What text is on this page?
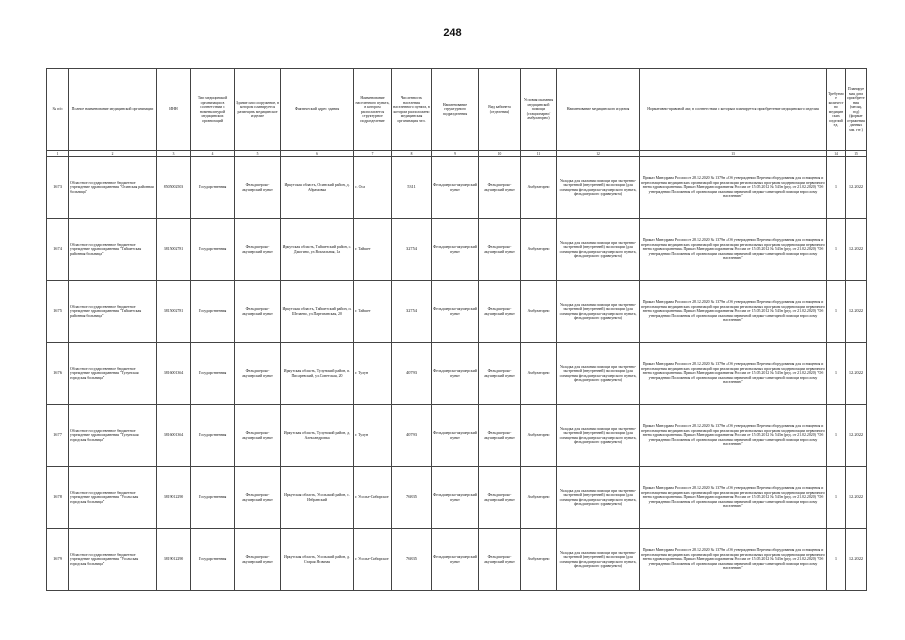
248
№ п/п	Полное наименование медицинской организации	ИНН	Тип медицинской организации в соответствии с номенклатурой медицинских организаций	Здание или сооружение, в котором планируется размещать медицинское изделие	Фактический адрес здания	Наименование населенного пункта, в котором располагается структурное подразделение	Численность населения населенного пункта, в котором расположено медицинская организация чел.	Наименование структурного подразделения	Вид кабинета (отделения)	Условия оказания медицинской помощи (стационарно/ амбулаторно)	Наименование медицинского изделия	Нормативно-правовой акт, в соответствии с которым планируется приобретение медицинского изделия	Требуемое количество медицинских изделий ед.	Планируемая дата приобретения (месяц, год) (формат отражения данных мм. ггг.)
1	2	3	4	5	6	7	8	9	10	11	12	13	14	15
1673	Областное государственное бюджетное учреждение здравоохранения "Осинская районная больница"	8505002503	Государственная	Фельдшерско-акушерский пункт	Иркутская область, Осинский район, д. Абрамовка	с. Оса	5311	Фельдшерско-акушерский пункт	Фельдшерско-акушерский пункт	Амбулаторно	Укладка для оказания помощи при экстренно-экстренной (внутренней) экспозиции (для оснащения фельдшерско-акушерского пункта, фельдшерского здравпункта)	Приказ Минздрава России от 28.12.2020 № 1379н «Об утверждении Перечня оборудования для оснащения и переоснащения медицинских организаций при реализации региональных программ модернизации первичного звена здравоохранения» Приказ Минздравсоцразвития России от 15.05.2012 № 543н (ред. от 21.02.2020) "Об утверждении Положения об организации оказания первичной медико-санитарной помощи взрослому населению"	1	12.2022
1674	Областное государственное бюджетное учреждение здравоохранения "Тайшетская районная больница"	3815002781	Государственная	Фельдшерско-акушерский пункт	Иркутская область, Тайшетский район, с. Джогино, ул.Вокзальная, 1а	г. Тайшет	32754	Фельдшерско-акушерский пункт	Фельдшерско-акушерский пункт	Амбулаторно	Укладка для оказания помощи при экстренно-экстренной (внутренней) экспозиции (для оснащения фельдшерско-акушерского пункта, фельдшерского здравпункта)	Приказ Минздрава России от 28.12.2020 № 1379н «Об утверждении Перечня оборудования для оснащения и переоснащения медицинских организаций при реализации региональных программ модернизации первичного звена здравоохранения» Приказ Минздравсоцразвития России от 15.05.2012 № 543н (ред. от 21.02.2020) "Об утверждении Положения об организации оказания первичной медико-санитарной помощи взрослому населению"	1	12.2022
1675	Областное государственное бюджетное учреждение здравоохранения "Тайшетская районная больница"	3815002781	Государственная	Фельдшерско-акушерский пункт	Иркутская область, Тайшетский район, п. Шелаево, ул.Партизанская, 20	г. Тайшет	32754	Фельдшерско-акушерский пункт	Фельдшерско-акушерский пункт	Амбулаторно	Укладка для оказания помощи при экстренно-экстренной (внутренней) экспозиции (для оснащения фельдшерско-акушерского пункта, фельдшерского здравпункта)	Приказ Минздрава России от 28.12.2020 № 1379н «Об утверждении Перечня оборудования для оснащения и переоснащения медицинских организаций при реализации региональных программ модернизации первичного звена здравоохранения» Приказ Минздравсоцразвития России от 15.05.2012 № 543н (ред. от 21.02.2020) "Об утверждении Положения об организации оказания первичной медико-санитарной помощи взрослому населению"	1	12.2022
1676	Областное государственное бюджетное учреждение здравоохранения "Тулунская городская больница"	3816001364	Государственная	Фельдшерско-акушерский пункт	Иркутская область, Тулунский район, п. Писаревский, ул.Советская, 20	г. Тулун	40793	Фельдшерско-акушерский пункт	Фельдшерско-акушерский пункт	Амбулаторно	Укладка для оказания помощи при экстренно-экстренной (внутренней) экспозиции (для оснащения фельдшерско-акушерского пункта, фельдшерского здравпункта)	Приказ Минздрава России от 28.12.2020 № 1379н «Об утверждении Перечня оборудования для оснащения и переоснащения медицинских организаций при реализации региональных программ модернизации первичного звена здравоохранения» Приказ Минздравсоцразвития России от 15.05.2012 № 543н (ред. от 21.02.2020) "Об утверждении Положения об организации оказания первичной медико-санитарной помощи взрослому населению"	1	12.2022
1677	Областное государственное бюджетное учреждение здравоохранения "Тулунская городская больница"	3816001364	Государственная	Фельдшерско-акушерский пункт	Иркутская область, Тулунский район, д. Александровка	г. Тулун	40793	Фельдшерско-акушерский пункт	Фельдшерско-акушерский пункт	Амбулаторно	Укладка для оказания помощи при экстренно-экстренной (внутренней) экспозиции (для оснащения фельдшерско-акушерского пункта, фельдшерского здравпункта)	Приказ Минздрава России от 28.12.2020 № 1379н «Об утверждении Перечня оборудования для оснащения и переоснащения медицинских организаций при реализации региональных программ модернизации первичного звена здравоохранения» Приказ Минздравсоцразвития России от 15.05.2012 № 543н (ред. от 21.02.2020) "Об утверждении Положения об организации оказания первичной медико-санитарной помощи взрослому населению"	1	12.2022
1678	Областное государственное бюджетное учреждение здравоохранения "Усольская городская больница"	3819012290	Государственная	Фельдшерско-акушерский пункт	Иркутская область, Усольский район, с. Избранский	г. Усолье-Сибирское	76835	Фельдшерско-акушерский пункт	Фельдшерско-акушерский пункт	Амбулаторно	Укладка для оказания помощи при экстренно-экстренной (внутренней) экспозиции (для оснащения фельдшерско-акушерского пункта, фельдшерского здравпункта)	Приказ Минздрава России от 28.12.2020 № 1379н «Об утверждении Перечня оборудования для оснащения и переоснащения медицинских организаций при реализации региональных программ модернизации первичного звена здравоохранения» Приказ Минздравсоцразвития России от 15.05.2012 № 543н (ред. от 21.02.2020) "Об утверждении Положения об организации оказания первичной медико-санитарной помощи взрослому населению"	1	12.2022
1679	Областное государственное бюджетное учреждение здравоохранения "Усольская городская больница"	3819012290	Государственная	Фельдшерско-акушерский пункт	Иркутская область, Усольский район, д. Старая Ясачная	г. Усолье-Сибирское	76835	Фельдшерско-акушерский пункт	Фельдшерско-акушерский пункт	Амбулаторно	Укладка для оказания помощи при экстренно-экстренной (внутренней) экспозиции (для оснащения фельдшерско-акушерского пункта, фельдшерского здравпункта)	Приказ Минздрава России от 28.12.2020 № 1379н «Об утверждении Перечня оборудования для оснащения и переоснащения медицинских организаций при реализации региональных программ модернизации первичного звена здравоохранения» Приказ Минздравсоцразвития России от 15.05.2012 № 543н (ред. от 21.02.2020) "Об утверждении Положения об организации оказания первичной медико-санитарной помощи взрослому населению"	1	12.2022
